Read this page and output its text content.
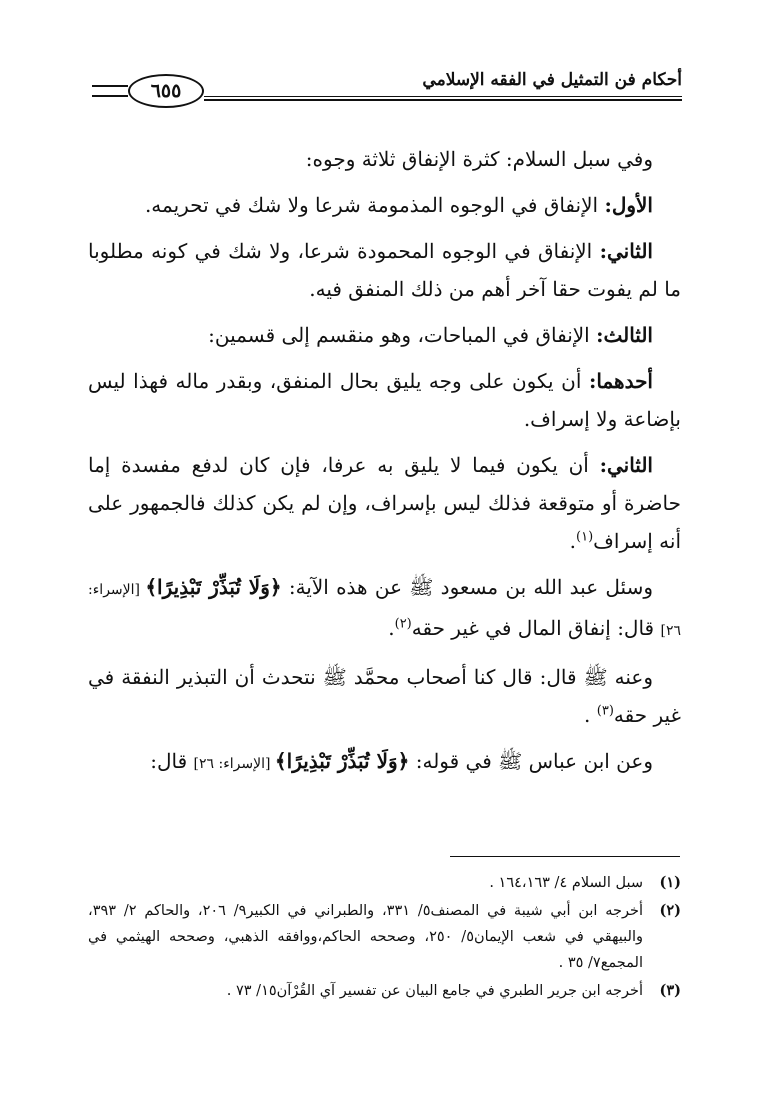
أحكام فن التمثيل في الفقه الإسلامي
٦٥٥

وفي سبل السلام: كثرة الإنفاق ثلاثة وجوه:

الأول: الإنفاق في الوجوه المذمومة شرعا ولا شك في تحريمه.

الثاني: الإنفاق في الوجوه المحمودة شرعا، ولا شك في كونه مطلوبا ما لم يفوت حقا آخر أهم من ذلك المنفق فيه.

الثالث: الإنفاق في المباحات، وهو منقسم إلى قسمين:

أحدهما: أن يكون على وجه يليق بحال المنفق، وبقدر ماله فهذا ليس بإضاعة ولا إسراف.

الثاني: أن يكون فيما لا يليق به عرفا، فإن كان لدفع مفسدة إما حاضرة أو متوقعة فذلك ليس بإسراف، وإن لم يكن كذلك فالجمهور على أنه إسراف$^{(١)}$.

وسئل عبد الله بن مسعود ﷺ عن هذه الآية: ﴿وَلَا تُبَذِّرْ تَبْذِيرًا﴾ [الإسراء: ٢٦] قال: إنفاق المال في غير حقه$^{(٢)}$.

وعنه ﷺ قال: قال كنا أصحاب محمَّد ﷺ نتحدث أن التبذير النفقة في غير حقه$^{(٣)}$ .

وعن ابن عباس ﷺ في قوله: ﴿وَلَا تُبَذِّرْ تَبْذِيرًا﴾ [الإسراء: ٢٦] قال:

(١)
سبل السلام ٤/ ١٦٤،١٦٣ .
(٢)
أخرجه ابن أبي شيبة في المصنف٥/ ٣٣١، والطبراني في الكبير٩/ ٢٠٦، والحاكم ٢/ ٣٩٣، والبيهقي في شعب الإيمان٥/ ٢٥٠، وصححه الحاكم،ووافقه الذهبي، وصححه الهيثمي في المجمع٧/ ٣٥ .
(٣)
أخرجه ابن جرير الطبري في جامع البيان عن تفسير آي القُرْآن١٥/ ٧٣ .
